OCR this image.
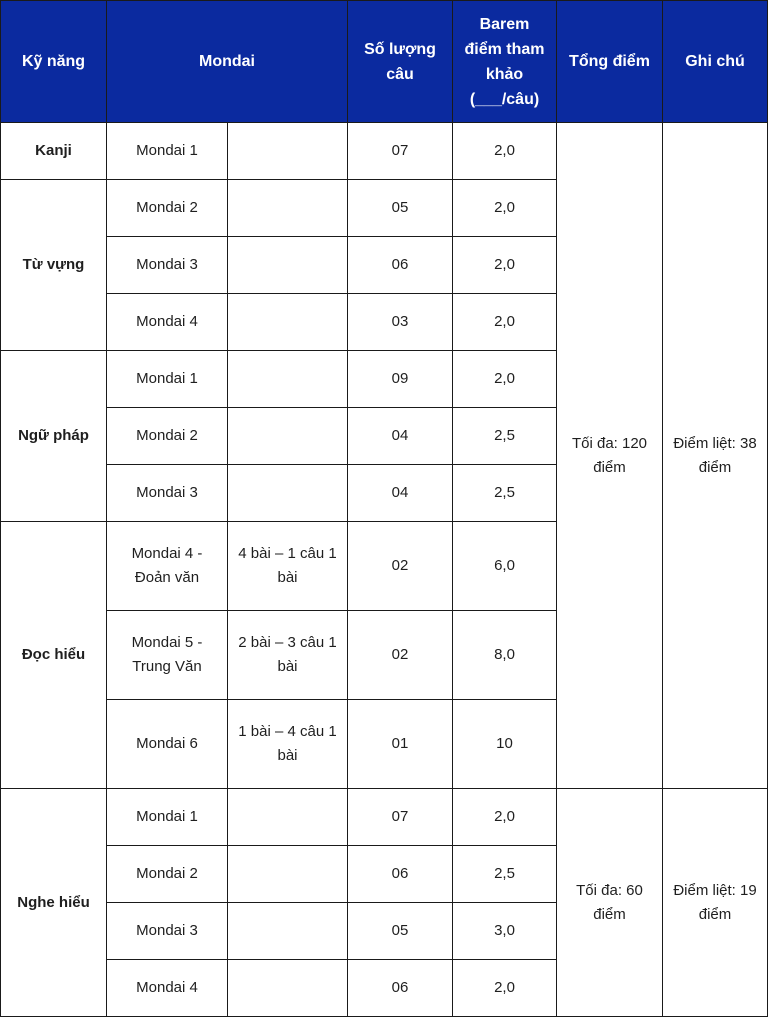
Kỹ năng	Mondai		Số lượng câu	Barem điểm tham khảo (___/câu)	Tổng điểm	Ghi chú
Kanji	Mondai 1		07	2,0	Tối đa: 120 điểm	Điểm liệt: 38 điểm
Từ vựng	Mondai 2		05	2,0		
	Mondai 3		06	2,0		
	Mondai 4		03	2,0		
Ngữ pháp	Mondai 1		09	2,0		
	Mondai 2		04	2,5		
	Mondai 3		04	2,5		
Đọc hiểu	Mondai 4 - Đoản văn	4 bài – 1 câu 1 bài	02	6,0		
	Mondai 5 - Trung Văn	2 bài – 3 câu 1 bài	02	8,0		
	Mondai 6	1 bài – 4 câu 1 bài	01	10		
Nghe hiểu	Mondai 1		07	2,0	Tối đa: 60 điểm	Điểm liệt: 19 điểm
	Mondai 2		06	2,5		
	Mondai 3		05	3,0		
	Mondai 4		06	2,0		
